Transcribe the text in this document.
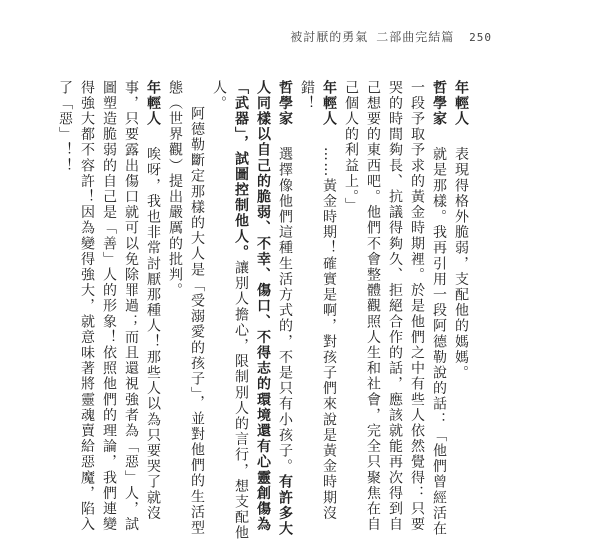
被討厭的勇氣 二部曲完結篇 250

年輕人表現得格外脆弱，支配他的媽媽。

哲學家就是那樣。我再引用一段阿德勒說的話：「他們曾經活在一段予取予求的黃金時期裡。於是他們之中有些人依然覺得：只要哭的時間夠長、抗議得夠久、拒絕合作的話，應該就能再次得到自己想要的東西吧。他們不會整體觀照人生和社會，完全只聚焦在自己個人的利益上。」

年輕人……黃金時期！確實是啊，對孩子們來說是黃金時期沒錯！

哲學家選擇像他們這種生活方式的，不是只有小孩子。有許多大人同樣以自己的脆弱、不幸、傷口、不得志的環境還有心靈創傷為「武器」，試圖控制他人。讓別人擔心，限制別人的言行，想支配他人。

阿德勒斷定那樣的大人是「受溺愛的孩子」，並對他們的生活型態（世界觀）提出嚴厲的批判。

年輕人唉呀，我也非常討厭那種人！那些人以為只要哭了就沒事，只要露出傷口就可以免除罪過；而且還視強者為「惡」人，試圖塑造脆弱的自己是「善」人的形象！依照他們的理論，我們連變得強大都不容許！因為變得強大，就意味著將靈魂賣給惡魔，陷入了「惡」！！
